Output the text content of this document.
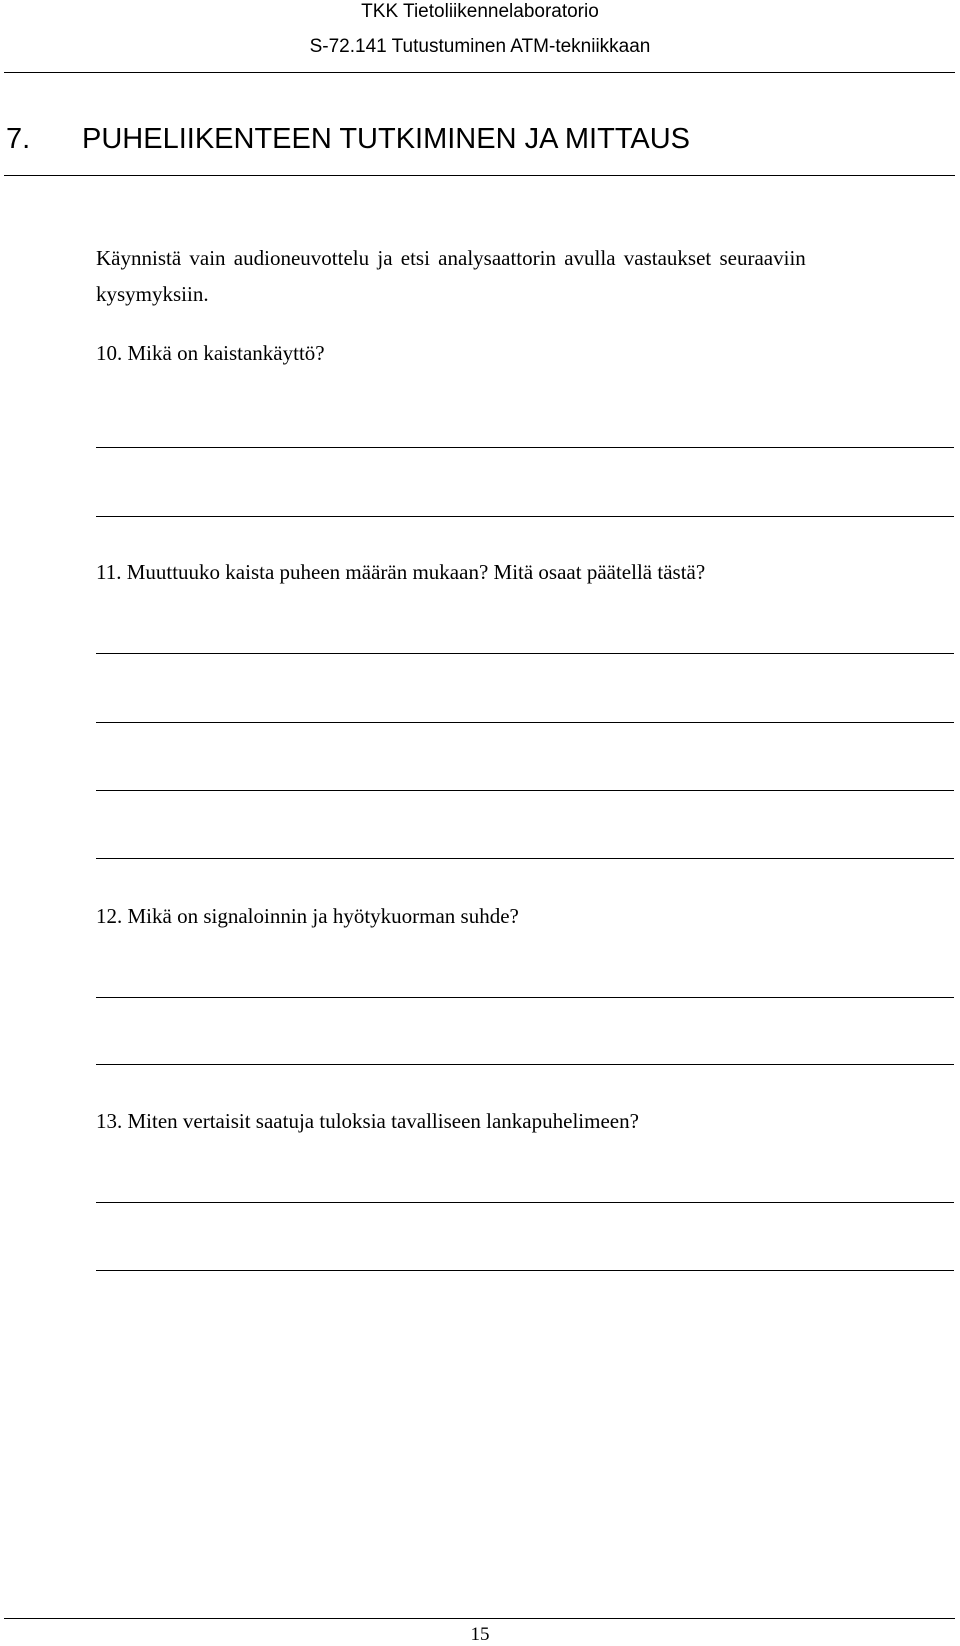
TKK Tietoliikennelaboratorio
S-72.141 Tutustuminen ATM-tekniikkaan
7. PUHELIIKENTEEN TUTKIMINEN JA MITTAUS
Käynnistä vain audioneuvottelu ja etsi analysaattorin avulla vastaukset seuraaviin
kysymyksiin.
10. Mikä on kaistankäyttö?
11. Muuttuuko kaista puheen määrän mukaan? Mitä osaat päätellä tästä?
12. Mikä on signaloinnin ja hyötykuorman suhde?
13. Miten vertaisit saatuja tuloksia tavalliseen lankapuhelimeen?
15
